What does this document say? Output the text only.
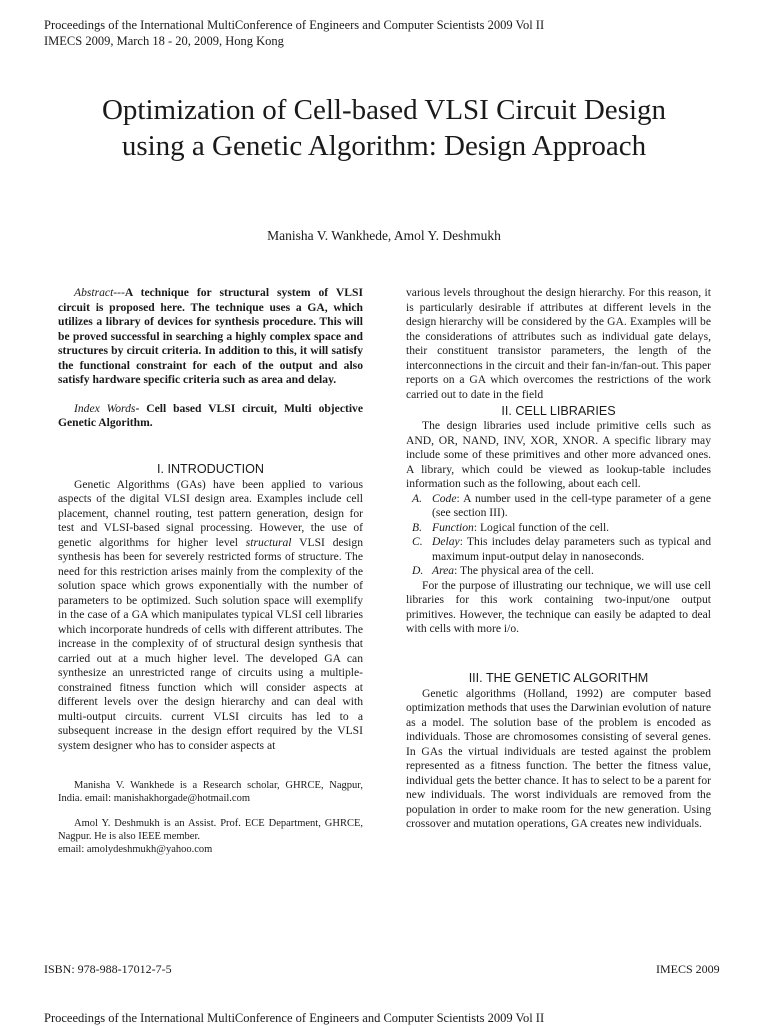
Proceedings of the International MultiConference of Engineers and Computer Scientists 2009 Vol II
IMECS 2009, March 18 - 20, 2009, Hong Kong
Optimization of Cell-based VLSI Circuit Design using a Genetic Algorithm: Design Approach
Manisha V. Wankhede, Amol Y. Deshmukh

Abstract---A technique for structural system of VLSI circuit is proposed here. The technique uses a GA, which utilizes a library of devices for synthesis procedure. This will be proved successful in searching a highly complex space and structures by circuit criteria. In addition to this, it will satisfy the functional constraint for each of the output and also satisfy hardware specific criteria such as area and delay.

Index Words- Cell based VLSI circuit, Multi objective Genetic Algorithm.

I. INTRODUCTION

Genetic Algorithms (GAs) have been applied to various aspects of the digital VLSI design area. Examples include cell placement, channel routing, test pattern generation, design for test and VLSI-based signal processing. However, the use of genetic algorithms for higher level structural VLSI design synthesis has been for severely restricted forms of structure. The need for this restriction arises mainly from the complexity of the solution space which grows exponentially with the number of parameters to be optimized. Such solution space will exemplify in the case of a GA which manipulates typical VLSI cell libraries which incorporate hundreds of cells with different attributes. The increase in the complexity of of structural design synthesis that carried out at a much higher level. The developed GA can synthesize an unrestricted range of circuits using a multiple-constrained fitness function which will consider aspects at different levels over the design hierarchy and can deal with multi-output circuits. current VLSI circuits has led to a subsequent increase in the design effort required by the VLSI system designer who has to consider aspects at

Manisha V. Wankhede is a Research scholar, GHRCE, Nagpur, India. email: manishakhorgade@hotmail.com

Amol Y. Deshmukh is an Assist. Prof. ECE Department, GHRCE, Nagpur. He is also IEEE member.

email: amolydeshmukh@yahoo.com

various levels throughout the design hierarchy. For this reason, it is particularly desirable if attributes at different levels in the design hierarchy will be considered by the GA. Examples will be the considerations of attributes such as individual gate delays, their constituent transistor parameters, the length of the interconnections in the circuit and their fan-in/fan-out. This paper reports on a GA which overcomes the restrictions of the work carried out to date in the field

II. CELL LIBRARIES

The design libraries used include primitive cells such as AND, OR, NAND, INV, XOR, XNOR. A specific library may include some of these primitives and other more advanced ones. A library, which could be viewed as lookup-table includes information such as the following, about each cell.

A. Code: A number used in the cell-type parameter of a gene (see section III).
B. Function: Logical function of the cell.
C. Delay: This includes delay parameters such as typical and maximum input-output delay in nanoseconds.
D. Area: The physical area of the cell.

For the purpose of illustrating our technique, we will use cell libraries for this work containing two-input/one output primitives. However, the technique can easily be adapted to deal with cells with more i/o.

III. THE GENETIC ALGORITHM

Genetic algorithms (Holland, 1992) are computer based optimization methods that uses the Darwinian evolution of nature as a model. The solution base of the problem is encoded as individuals. Those are chromosomes consisting of several genes. In GAs the virtual individuals are tested against the problem represented as a fitness function. The better the fitness value, individual gets the better chance. It has to select to be a parent for new individuals. The worst individuals are removed from the population in order to make room for the new generation. Using crossover and mutation operations, GA creates new individuals.

ISBN: 978-988-17012-7-5	IMECS 2009
Proceedings of the International MultiConference of Engineers and Computer Scientists 2009 Vol II
